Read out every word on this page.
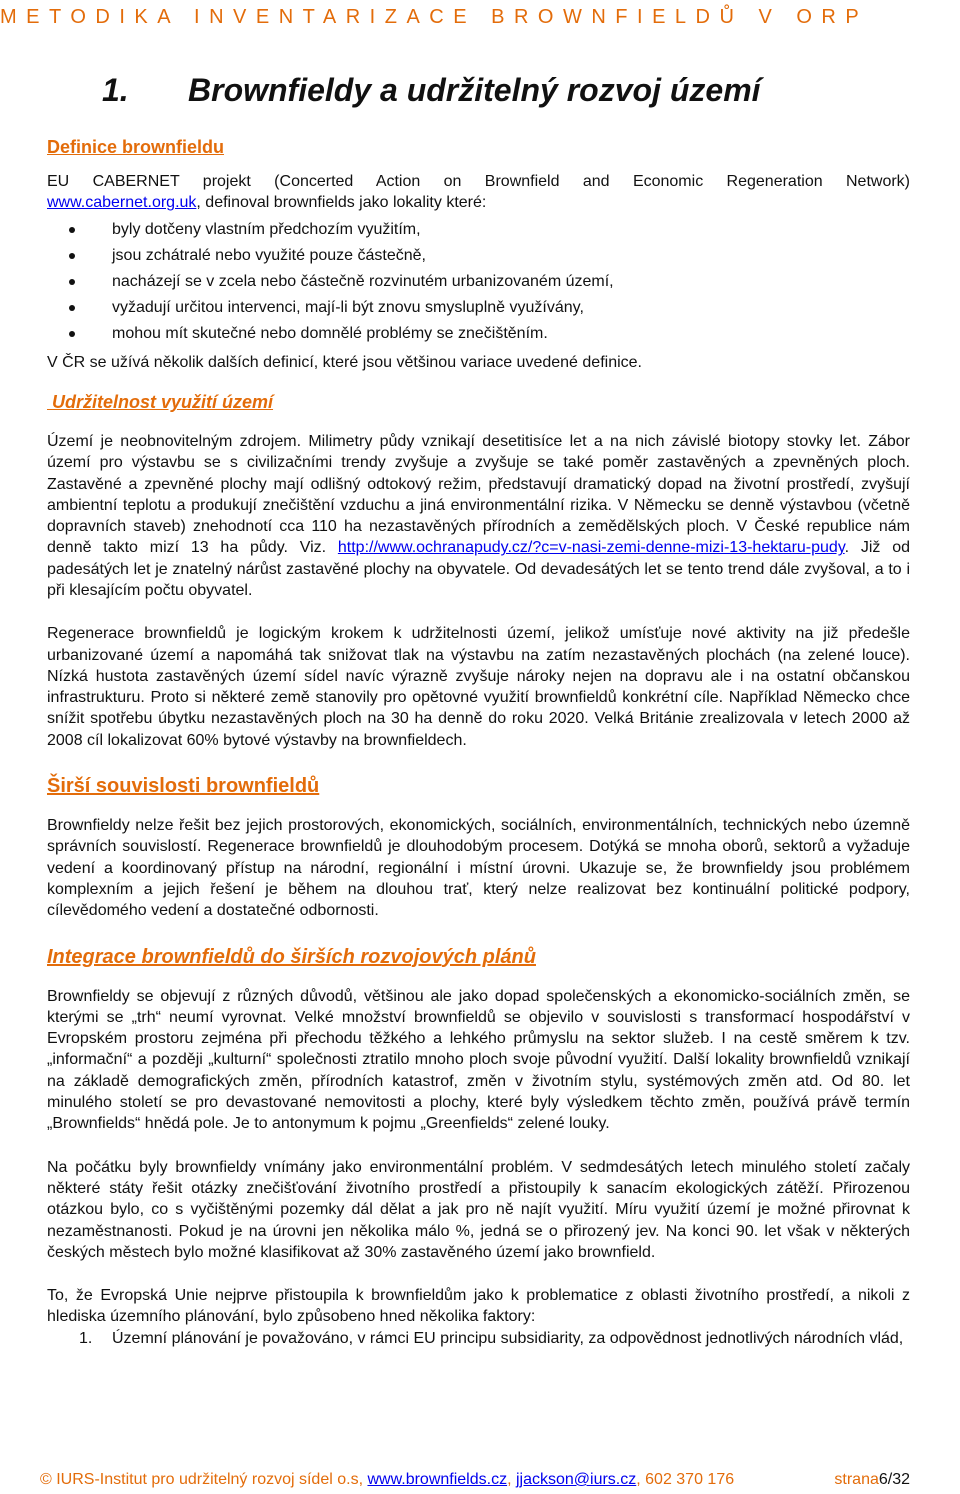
METODIKA INVENTARIZACE BROWNFIELDŮ V ORP
1. Brownfieldy a udržitelný rozvoj území
Definice brownfieldu

EU CABERNET projekt (Concerted Action on Brownfield and Economic Regeneration Network)

www.cabernet.org.uk, definoval brownfields jako lokality které:

byly dotčeny vlastním předchozím využitím,
jsou zchátralé nebo využité pouze částečně,
nacházejí se v zcela nebo částečně rozvinutém urbanizovaném území,
vyžadují určitou intervenci, mají-li být znovu smysluplně využívány,
mohou mít skutečné nebo domnělé problémy se znečištěním.

V ČR se užívá několik dalších definicí, které jsou většinou variace uvedené definice.

Udržitelnost využití území

Území je neobnovitelným zdrojem. Milimetry půdy vznikají desetitisíce let a na nich závislé biotopy stovky let. Zábor území pro výstavbu se s civilizačními trendy zvyšuje a zvyšuje se také poměr zastavěných a zpevněných ploch. Zastavěné a zpevněné plochy mají odlišný odtokový režim, představují dramatický dopad na životní prostředí, zvyšují ambientní teplotu a produkují znečištění vzduchu a jiná environmentální rizika. V Německu se denně výstavbou (včetně dopravních staveb) znehodnotí cca 110 ha nezastavěných přírodních a zemědělských ploch. V České republice nám denně takto mizí 13 ha půdy. Viz. http://www.ochranapudy.cz/?c=v-nasi-zemi-denne-mizi-13-hektaru-pudy. Již od padesátých let je znatelný nárůst zastavěné plochy na obyvatele. Od devadesátých let se tento trend dále zvyšoval, a to i při klesajícím počtu obyvatel.

Regenerace brownfieldů je logickým krokem k udržitelnosti území, jelikož umísťuje nové aktivity na již předešle urbanizované území a napomáhá tak snižovat tlak na výstavbu na zatím nezastavěných plochách (na zelené louce). Nízká hustota zastavěných území sídel navíc výrazně zvyšuje nároky nejen na dopravu ale i na ostatní občanskou infrastrukturu. Proto si některé země stanovily pro opětovné využití brownfieldů konkrétní cíle. Například Německo chce snížit spotřebu úbytku nezastavěných ploch na 30 ha denně do roku 2020. Velká Británie zrealizovala v letech 2000 až 2008 cíl lokalizovat 60% bytové výstavby na brownfieldech.

Širší souvislosti brownfieldů

Brownfieldy nelze řešit bez jejich prostorových, ekonomických, sociálních, environmentálních, technických nebo územně správních souvislostí. Regenerace brownfieldů je dlouhodobým procesem. Dotýká se mnoha oborů, sektorů a vyžaduje vedení a koordinovaný přístup na národní, regionální i místní úrovni. Ukazuje se, že brownfieldy jsou problémem komplexním a jejich řešení je během na dlouhou trať, který nelze realizovat bez kontinuální politické podpory, cílevědomého vedení a dostatečné odbornosti.

Integrace brownfieldů do širších rozvojových plánů

Brownfieldy se objevují z různých důvodů, většinou ale jako dopad společenských a ekonomicko-sociálních změn, se kterými se „trh“ neumí vyrovnat. Velké množství brownfieldů se objevilo v souvislosti s transformací hospodářství v Evropském prostoru zejména při přechodu těžkého a lehkého průmyslu na sektor služeb. I na cestě směrem k tzv. „informační“ a později „kulturní“ společnosti ztratilo mnoho ploch svoje původní využití. Další lokality brownfieldů vznikají na základě demografických změn, přírodních katastrof, změn v životním stylu, systémových změn atd. Od 80. let minulého století se pro devastované nemovitosti a plochy, které byly výsledkem těchto změn, používá právě termín „Brownfields“ hnědá pole. Je to antonymum k pojmu „Greenfields“ zelené louky.

Na počátku byly brownfieldy vnímány jako environmentální problém. V sedmdesátých letech minulého století začaly některé státy řešit otázky znečišťování životního prostředí a přistoupily k sanacím ekologických zátěží. Přirozenou otázkou bylo, co s vyčištěnými pozemky dál dělat a jak pro ně najít využití. Míru využití území je možné přirovnat k nezaměstnanosti. Pokud je na úrovni jen několika málo %, jedná se o přirozený jev. Na konci 90. let však v některých českých městech bylo možné klasifikovat až 30% zastavěného území jako brownfield.

To, že Evropská Unie nejprve přistoupila k brownfieldům jako k problematice z oblasti životního prostředí, a nikoli z hlediska územního plánování, bylo způsobeno hned několika faktory:

1. Územní plánování je považováno, v rámci EU principu subsidiarity, za odpovědnost jednotlivých národních vlád,
© IURS-Institut pro udržitelný rozvoj sídel o.s, www.brownfields.cz, jjackson@iurs.cz, 602 370 176	strana6/32
